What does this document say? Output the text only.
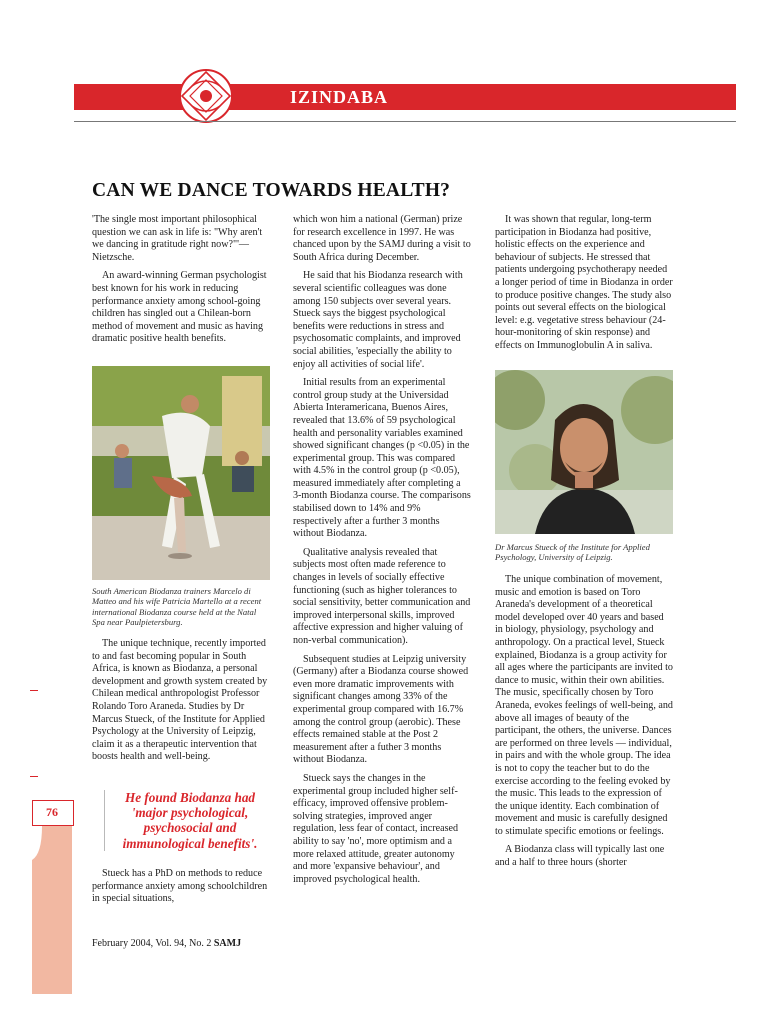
IZINDABA
CAN WE DANCE TOWARDS HEALTH?

'The single most important philosophical question we can ask in life is: "Why aren't we dancing in gratitude right now?"'— Nietzsche.

An award-winning German psychologist best known for his work in reducing performance anxiety among school-going children has singled out a Chilean-born method of movement and music as having dramatic positive health benefits.

South American Biodanza trainers Marcelo di Matteo and his wife Patricia Martello at a recent international Biodanza course held at the Natal Spa near Paulpietersburg.

The unique technique, recently imported to and fast becoming popular in South Africa, is known as Biodanza, a personal development and growth system created by Chilean medical anthropologist Professor Rolando Toro Araneda. Studies by Dr Marcus Stueck, of the Institute for Applied Psychology at the University of Leipzig, claim it as a therapeutic intervention that boosts health and well-being.

He found Biodanza had 'major psychological, psychosocial and immunological benefits'.

Stueck has a PhD on methods to reduce performance anxiety among schoolchildren in special situations,

which won him a national (German) prize for research excellence in 1997. He was chanced upon by the SAMJ during a visit to South Africa during December.

He said that his Biodanza research with several scientific colleagues was done among 150 subjects over several years. Stueck says the biggest psychological benefits were reductions in stress and psychosomatic complaints, and improved social abilities, 'especially the ability to enjoy all activities of social life'.

Initial results from an experimental control group study at the Universidad Abierta Interamericana, Buenos Aires, revealed that 13.6% of 59 psychological health and personality variables examined showed significant changes (p <0.05) in the experimental group. This was compared with 4.5% in the control group (p <0.05), measured immediately after completing a 3-month Biodanza course. The comparisons stabilised down to 14% and 9% respectively after a further 3 months without Biodanza.

Qualitative analysis revealed that subjects most often made reference to changes in levels of socially effective functioning (such as higher tolerances to social sensitivity, better communication and improved interpersonal skills, improved affective expression and higher valuing of non-verbal communication).

Subsequent studies at Leipzig university (Germany) after a Biodanza course showed even more dramatic improvements with significant changes among 33% of the experimental group compared with 16.7% among the control group (aerobic). These effects remained stable at the Post 2 measurement after a futher 3 months without Biodanza.

Stueck says the changes in the experimental group included higher self-efficacy, improved offensive problem-solving strategies, improved anger regulation, less fear of contact, increased ability to say 'no', more optimism and a more relaxed attitude, greater autonomy and more 'expansive behaviour', and improved psychological health.

It was shown that regular, long-term participation in Biodanza had positive, holistic effects on the experience and behaviour of subjects. He stressed that patients undergoing psychotherapy needed a longer period of time in Biodanza in order to produce positive changes. The study also points out several effects on the biological level: e.g. vegetative stress behaviour (24-hour-monitoring of skin response) and effects on Immunoglobulin A in saliva.

Dr Marcus Stueck of the Institute for Applied Psychology, University of Leipzig.

The unique combination of movement, music and emotion is based on Toro Araneda's development of a theoretical model developed over 40 years and based in biology, physiology, psychology and anthropology. On a practical level, Stueck explained, Biodanza is a group activity for all ages where the participants are invited to dance to music, within their own abilities. The music, specifically chosen by Toro Araneda, evokes feelings of well-being, and above all images of beauty of the participant, the others, the universe. Dances are performed on three levels — individual, in pairs and with the whole group. The idea is not to copy the teacher but to do the exercise according to the feeling evoked by the music. This leads to the expression of the unique identity. Each combination of movement and music is carefully designed to stimulate specific emotions or feelings.

A Biodanza class will typically last one and a half to three hours (shorter

76
February 2004, Vol. 94, No. 2 SAMJ
